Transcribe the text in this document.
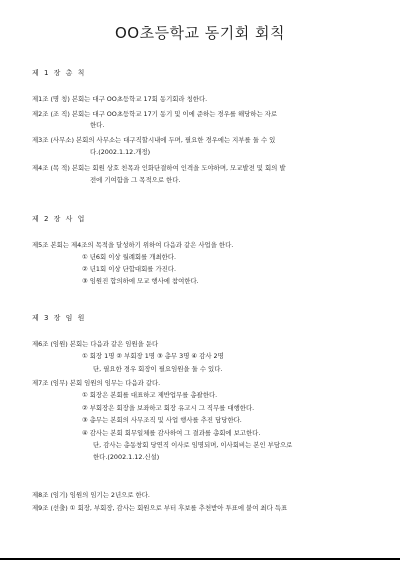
OO초등학교 동기회 회칙
제 1 장 총 칙
제1조 (명 칭) 본회는 대구 OO초등학교 17회 동기회라 칭한다.
제2조 (조 직) 본회는 대구 OO초등학교 17기 동기 및 이에 준하는 경우를 해당하는 자로
한다.
제3조 (사무소) 본회의 사무소는 대구직할시내에 두며, 필요한 경우에는 지부를 둘 수 있
다.(2002.1.12.개정)
제4조 (목 적) 본회는 회원 상호 친목과 인화단결하여 인격을 도야하며, 모교발전 및 회의 발
전에 기여함을 그 목적으로 한다.
제 2 장 사 업
제5조 본회는 제4조의 목적을 달성하기 위하여 다음과 같은 사업을 한다.
① 년6회 이상 월례회를 개최한다.
② 년1회 이상 단합대회를 가진다.
③ 임원진 합의하에 모교 행사에 참여한다.
제 3 장 임 원
제6조 (임원) 본회는 다음과 같은 임원을 둔다
① 회장 1명 ② 부회장 1명 ③ 총무 3명 ④ 감사 2명
단, 필요한 경우 회장이 필요임원을 둘 수 있다.
제7조 (임무) 본회 임원의 임무는 다음과 같다.
① 회장은 본회를 대표하고 제반업무를 총괄한다.
② 부회장은 회장을 보좌하고 회장 유고시 그 직무를 대행한다.
③ 총무는 본회의 사무조직 및 사업 행사를 추진 담당한다.
④ 감사는 본회 회무일체를 감사하여 그 결과를 총회에 보고한다.
단, 감사는 총동창회 당연직 이사로 임명되며, 이사회비는 본인 부담으로
한다.(2002.1.12.신설)
제8조 (임기) 임원의 임기는 2년으로 한다.
제9조 (선출) ① 회장, 부회장, 감사는 회원으로 부터 후보를 추천받아 투표에 붙여 최다 득표
